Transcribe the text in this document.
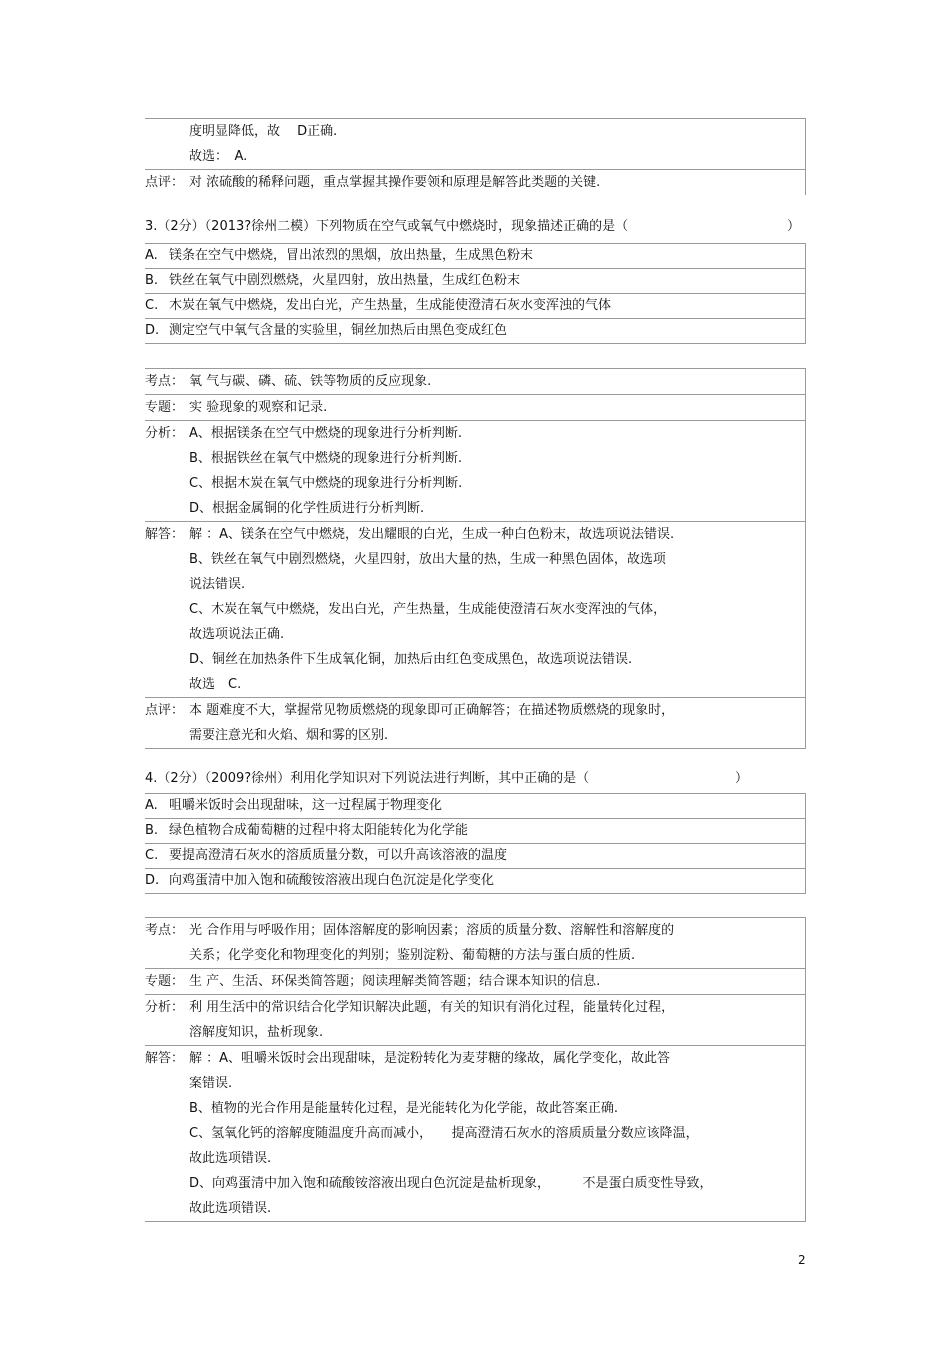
度明显降低，故　 D正确.
故选：　A.
点评： 对 浓硫酸的稀释问题，重点掌握其操作要领和原理是解答此类题的关键.
3.（2分）（2013?徐州二模）下列物质在空气或氧气中燃烧时，现象描述正确的是（	）
A. 镁条在空气中燃烧，冒出浓烈的黑烟，放出热量，生成黑色粉末
B. 铁丝在氧气中剧烈燃烧，火星四射，放出热量，生成红色粉末
C. 木炭在氧气中燃烧，发出白光，产生热量，生成能使澄清石灰水变浑浊的气体
D. 测定空气中氧气含量的实验里，铜丝加热后由黑色变成红色
考点： 氧 气与碳、磷、硫、铁等物质的反应现象.
专题： 实 验现象的观察和记录.
分析： A、根据镁条在空气中燃烧的现象进行分析判断.
B、根据铁丝在氧气中燃烧的现象进行分析判断.
C、根据木炭在氧气中燃烧的现象进行分析判断.
D、根据金属铜的化学性质进行分析判断.
解答： 解 ：A、镁条在空气中燃烧，发出耀眼的白光，生成一种白色粉末，故选项说法错误.
B、铁丝在氧气中剧烈燃烧，火星四射，放出大量的热，生成一种黑色固体，故选项
说法错误.
C、木炭在氧气中燃烧，发出白光，产生热量，生成能使澄清石灰水变浑浊的气体，
故选项说法正确.
D、铜丝在加热条件下生成氧化铜，加热后由红色变成黑色，故选项说法错误.
故选　C.
点评： 本 题难度不大，掌握常见物质燃烧的现象即可正确解答；在描述物质燃烧的现象时，
需要注意光和火焰、烟和雾的区别.
4.（2分）（2009?徐州）利用化学知识对下列说法进行判断，其中正确的是（	）
A. 咀嚼米饭时会出现甜味，这一过程属于物理变化
B. 绿色植物合成葡萄糖的过程中将太阳能转化为化学能
C. 要提高澄清石灰水的溶质质量分数，可以升高该溶液的温度
D. 向鸡蛋清中加入饱和硫酸铵溶液出现白色沉淀是化学变化
考点： 光 合作用与呼吸作用；固体溶解度的影响因素；溶质的质量分数、溶解性和溶解度的
关系；化学变化和物理变化的判别；鉴别淀粉、葡萄糖的方法与蛋白质的性质.
专题： 生 产、生活、环保类简答题；阅读理解类简答题；结合课本知识的信息.
分析： 利 用生活中的常识结合化学知识解决此题，有关的知识有消化过程，能量转化过程，
溶解度知识，盐析现象.
解答： 解 ：A、咀嚼米饭时会出现甜味，是淀粉转化为麦芽糖的缘故，属化学变化，故此答
案错误.
B、植物的光合作用是能量转化过程，是光能转化为化学能，故此答案正确.
C、氢氧化钙的溶解度随温度升高而减小，　　提高澄清石灰水的溶质质量分数应该降温，
故此选项错误.
D、向鸡蛋清中加入饱和硫酸铵溶液出现白色沉淀是盐析现象，　　　不是蛋白质变性导致，
故此选项错误.
2
